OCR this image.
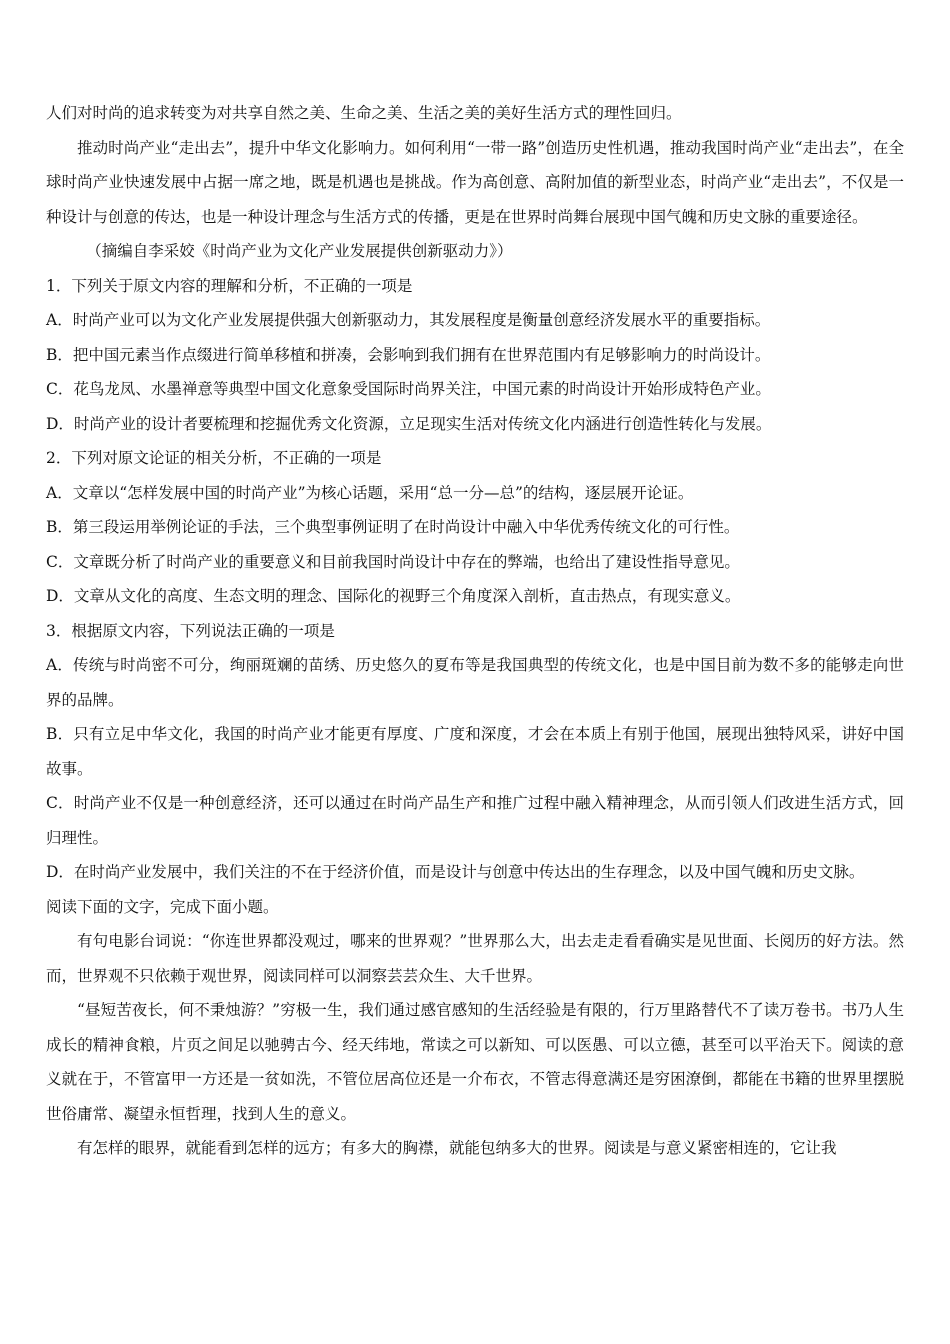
人们对时尚的追求转变为对共享自然之美、生命之美、生活之美的美好生活方式的理性回归。

推动时尚产业“走出去”，提升中华文化影响力。如何利用“一带一路”创造历史性机遇，推动我国时尚产业“走出去”，在全球时尚产业快速发展中占据一席之地，既是机遇也是挑战。作为高创意、高附加值的新型业态，时尚产业“走出去”，不仅是一种设计与创意的传达，也是一种设计理念与生活方式的传播，更是在世界时尚舞台展现中国气魄和历史文脉的重要途径。

（摘编自李采姣《时尚产业为文化产业发展提供创新驱动力》）

1．下列关于原文内容的理解和分析，不正确的一项是

A．时尚产业可以为文化产业发展提供强大创新驱动力，其发展程度是衡量创意经济发展水平的重要指标。

B．把中国元素当作点缀进行简单移植和拼凑，会影响到我们拥有在世界范围内有足够影响力的时尚设计。

C．花鸟龙凤、水墨禅意等典型中国文化意象受国际时尚界关注，中国元素的时尚设计开始形成特色产业。

D．时尚产业的设计者要梳理和挖掘优秀文化资源，立足现实生活对传统文化内涵进行创造性转化与发展。

2．下列对原文论证的相关分析，不正确的一项是

A．文章以“怎样发展中国的时尚产业”为核心话题，采用“总一分—总”的结构，逐层展开论证。

B．第三段运用举例论证的手法，三个典型事例证明了在时尚设计中融入中华优秀传统文化的可行性。

C．文章既分析了时尚产业的重要意义和目前我国时尚设计中存在的弊端，也给出了建设性指导意见。

D．文章从文化的高度、生态文明的理念、国际化的视野三个角度深入剖析，直击热点，有现实意义。

3．根据原文内容，下列说法正确的一项是

A．传统与时尚密不可分，绚丽斑斓的苗绣、历史悠久的夏布等是我国典型的传统文化，也是中国目前为数不多的能够走向世界的品牌。

B．只有立足中华文化，我国的时尚产业才能更有厚度、广度和深度，才会在本质上有别于他国，展现出独特风采，讲好中国故事。

C．时尚产业不仅是一种创意经济，还可以通过在时尚产品生产和推广过程中融入精神理念，从而引领人们改进生活方式，回归理性。

D．在时尚产业发展中，我们关注的不在于经济价值，而是设计与创意中传达出的生存理念，以及中国气魄和历史文脉。

阅读下面的文字，完成下面小题。

有句电影台词说：“你连世界都没观过，哪来的世界观？”世界那么大，出去走走看看确实是见世面、长阅历的好方法。然而，世界观不只依赖于观世界，阅读同样可以洞察芸芸众生、大千世界。

“昼短苦夜长，何不秉烛游？”穷极一生，我们通过感官感知的生活经验是有限的，行万里路替代不了读万卷书。书乃人生成长的精神食粮，片页之间足以驰骋古今、经天纬地，常读之可以新知、可以医愚、可以立德，甚至可以平治天下。阅读的意义就在于，不管富甲一方还是一贫如洗，不管位居高位还是一介布衣，不管志得意满还是穷困潦倒，都能在书籍的世界里摆脱世俗庸常、凝望永恒哲理，找到人生的意义。

有怎样的眼界，就能看到怎样的远方；有多大的胸襟，就能包纳多大的世界。阅读是与意义紧密相连的，它让我
